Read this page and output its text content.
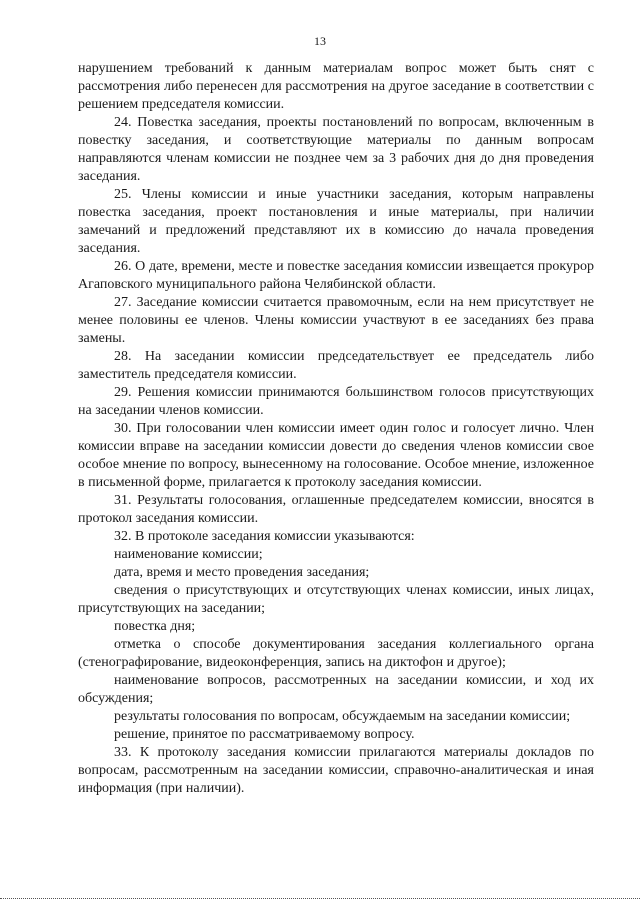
13

нарушением требований к данным материалам вопрос может быть снят с рассмотрения либо перенесен для рассмотрения на другое заседание в соответствии с решением председателя комиссии.

24. Повестка заседания, проекты постановлений по вопросам, включенным в повестку заседания, и соответствующие материалы по данным вопросам направляются членам комиссии не позднее чем за 3 рабочих дня до дня проведения заседания.

25. Члены комиссии и иные участники заседания, которым направлены повестка заседания, проект постановления и иные материалы, при наличии замечаний и предложений представляют их в комиссию до начала проведения заседания.

26. О дате, времени, месте и повестке заседания комиссии извещается прокурор Агаповского муниципального района Челябинской области.

27. Заседание комиссии считается правомочным, если на нем присутствует не менее половины ее членов. Члены комиссии участвуют в ее заседаниях без права замены.

28. На заседании комиссии председательствует ее председатель либо заместитель председателя комиссии.

29. Решения комиссии принимаются большинством голосов присутствующих на заседании членов комиссии.

30. При голосовании член комиссии имеет один голос и голосует лично. Член комиссии вправе на заседании комиссии довести до сведения членов комиссии свое особое мнение по вопросу, вынесенному на голосование. Особое мнение, изложенное в письменной форме, прилагается к протоколу заседания комиссии.

31. Результаты голосования, оглашенные председателем комиссии, вносятся в протокол заседания комиссии.

32. В протоколе заседания комиссии указываются:

наименование комиссии;

дата, время и место проведения заседания;

сведения о присутствующих и отсутствующих членах комиссии, иных лицах, присутствующих на заседании;

повестка дня;

отметка о способе документирования заседания коллегиального органа (стенографирование, видеоконференция, запись на диктофон и другое);

наименование вопросов, рассмотренных на заседании комиссии, и ход их обсуждения;

результаты голосования по вопросам, обсуждаемым на заседании комиссии;

решение, принятое по рассматриваемому вопросу.

33. К протоколу заседания комиссии прилагаются материалы докладов по вопросам, рассмотренным на заседании комиссии, справочно-аналитическая и иная информация (при наличии).
